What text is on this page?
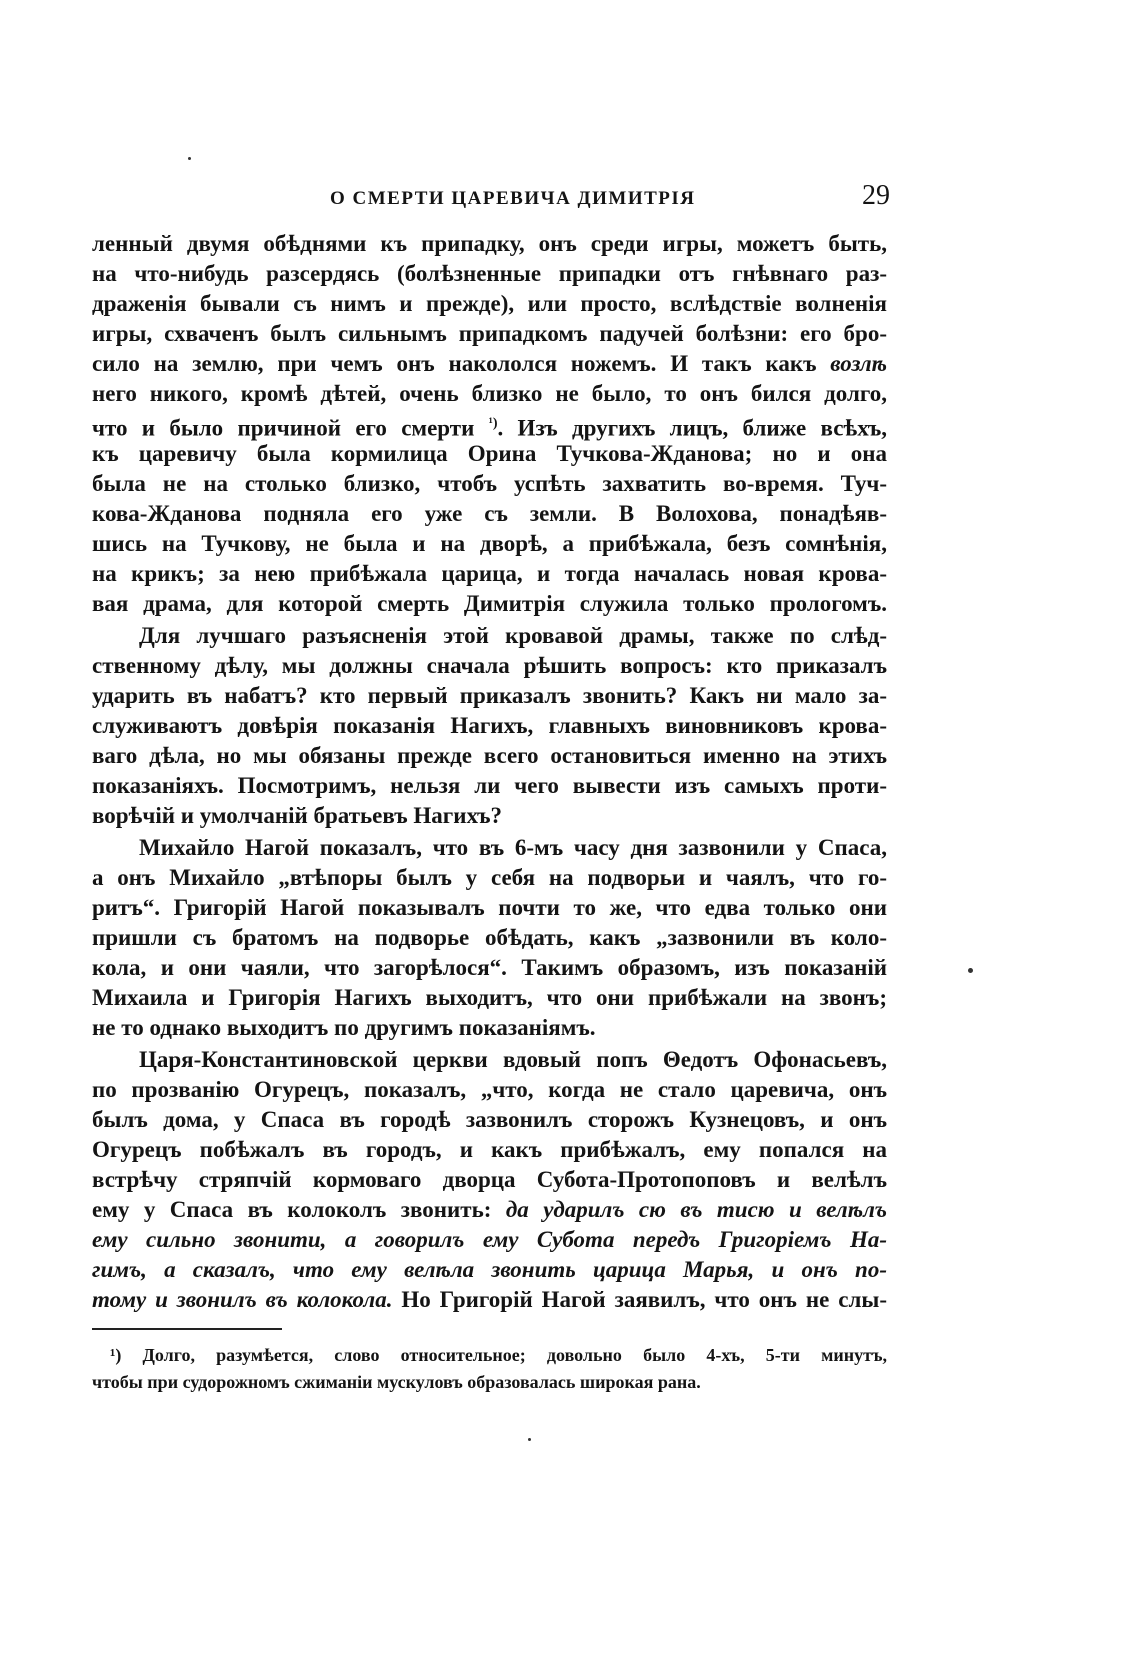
О СМЕРТИ ЦАРЕВИЧА ДИМИТРІЯ	29
ленный двумя обѣднями къ припадку, онъ среди игры, можетъ быть,
на что-нибудь разсердясь (болѣзненные припадки отъ гнѣвнаго раз-
драженія бывали съ нимъ и прежде), или просто, вслѣдствіе волненія
игры, схваченъ былъ сильнымъ припадкомъ падучей болѣзни: его бро-
сило на землю, при чемъ онъ накололся ножемъ. И такъ какъ возлѣ
него никого, кромѣ дѣтей, очень близко не было, то онъ бился долго,
что и было причиной его смерти $^{^1)}$. Изъ другихъ лицъ, ближе всѣхъ,
къ царевичу была кормилица Орина Тучкова-Жданова; но и она
была не на столько близко, чтобъ успѣть захватить во-время. Туч-
кова-Жданова подняла его уже съ земли. В Волохова, понадѣяв-
шись на Тучкову, не была и на дворѣ, а прибѣжала, безъ сомнѣнія,
на крикъ; за нею прибѣжала царица, и тогда началась новая крова-
вая драма, для которой смерть Димитрія служила только прологомъ.
Для лучшаго разъясненія этой кровавой драмы, также по слѣд-
ственному дѣлу, мы должны сначала рѣшить вопросъ: кто приказалъ
ударить въ набатъ? кто первый приказалъ звонить? Какъ ни мало за-
служиваютъ довѣрія показанія Нагихъ, главныхъ виновниковъ крова-
ваго дѣла, но мы обязаны прежде всего остановиться именно на этихъ
показаніяхъ. Посмотримъ, нельзя ли чего вывести изъ самыхъ проти-
ворѣчій и умолчаній братьевъ Нагихъ?
Михайло Нагой показалъ, что въ 6-мъ часу дня зазвонили у Спаса,
а онъ Михайло „втѣпоры былъ у себя на подворьи и чаялъ, что го-
ритъ“. Григорій Нагой показывалъ почти то же, что едва только они
пришли съ братомъ на подворье обѣдать, какъ „зазвонили въ коло-
кола, и они чаяли, что загорѣлося“. Такимъ образомъ, изъ показаній
Михаила и Григорія Нагихъ выходитъ, что они прибѣжали на звонъ;
не то однако выходитъ по другимъ показаніямъ.
Царя-Константиновской церкви вдовый попъ Θедотъ Офонасьевъ,
по прозванію Огурецъ, показалъ, „что, когда не стало царевича, онъ
былъ дома, у Спаса въ городѣ зазвонилъ сторожъ Кузнецовъ, и онъ
Огурецъ побѣжалъ въ городъ, и какъ прибѣжалъ, ему попался на
встрѣчу стряпчій кормоваго дворца Субота-Протопоповъ и велѣлъ
ему у Спаса въ колоколъ звонить: да ударилъ сю въ тисю и велѣлъ
ему сильно звонити, а говорилъ ему Субота передъ Григоріемъ На-
гимъ, а сказалъ, что ему велѣла звонить царица Марья, и онъ по-
тому и звонилъ въ колокола. Но Григорій Нагой заявилъ, что онъ не слы-
¹) Долго, разумѣется, слово относительное; довольно было 4-хъ, 5-ти минутъ,
чтобы при судорожномъ сжиманіи мускуловъ образовалась широкая рана.
